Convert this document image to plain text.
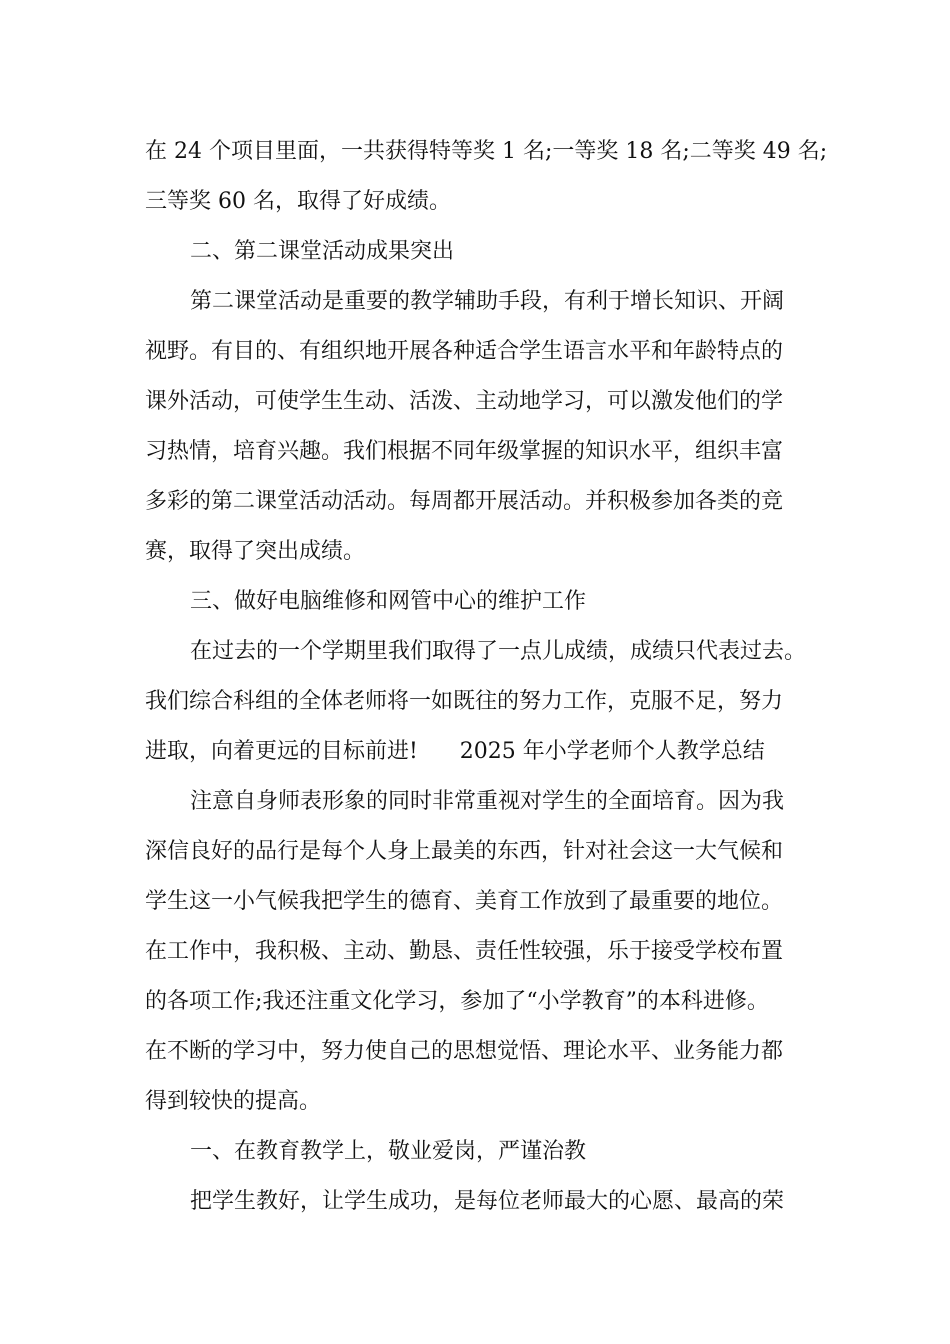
在 24 个项目里面，一共获得特等奖 1 名;一等奖 18 名;二等奖 49 名;
三等奖 60 名，取得了好成绩。
二、第二课堂活动成果突出
第二课堂活动是重要的教学辅助手段，有利于增长知识、开阔
视野。有目的、有组织地开展各种适合学生语言水平和年龄特点的
课外活动，可使学生生动、活泼、主动地学习，可以激发他们的学
习热情，培育兴趣。我们根据不同年级掌握的知识水平，组织丰富
多彩的第二课堂活动活动。每周都开展活动。并积极参加各类的竞
赛，取得了突出成绩。
三、做好电脑维修和网管中心的维护工作
在过去的一个学期里我们取得了一点儿成绩，成绩只代表过去。
我们综合科组的全体老师将一如既往的努力工作，克服不足，努力
进取，向着更远的目标前进!      2025 年小学老师个人教学总结
注意自身师表形象的同时非常重视对学生的全面培育。因为我
深信良好的品行是每个人身上最美的东西，针对社会这一大气候和
学生这一小气候我把学生的德育、美育工作放到了最重要的地位。
在工作中，我积极、主动、勤恳、责任性较强，乐于接受学校布置
的各项工作;我还注重文化学习，参加了“小学教育”的本科进修。
在不断的学习中，努力使自己的思想觉悟、理论水平、业务能力都
得到较快的提高。
一、在教育教学上，敬业爱岗，严谨治教
把学生教好，让学生成功，是每位老师最大的心愿、最高的荣
